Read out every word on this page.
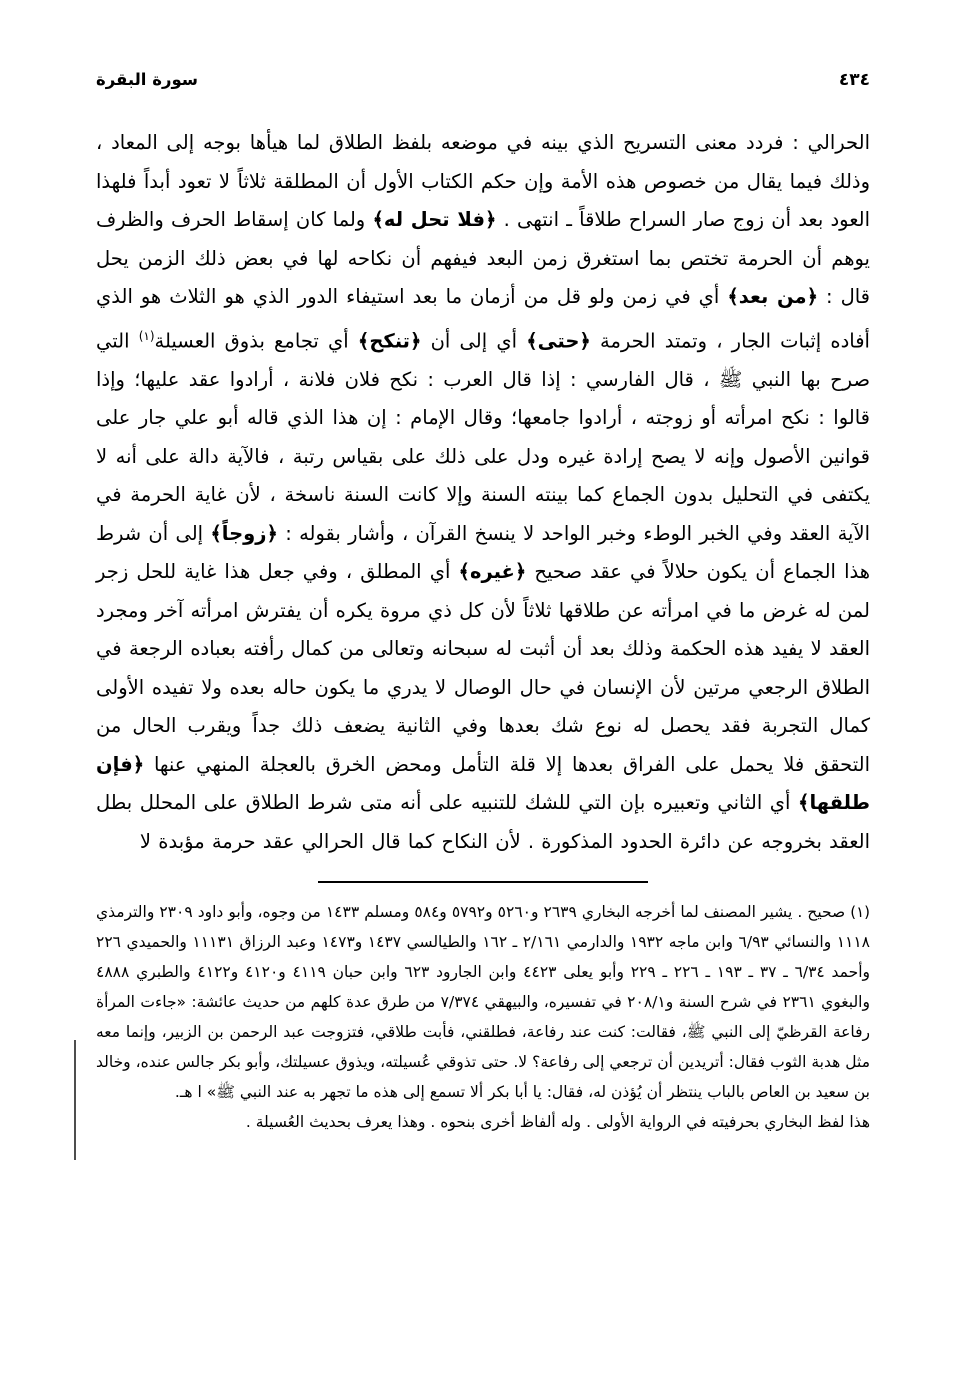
سورة البقرة	٤٣٤

الحرالي : فردد معنى التسريح الذي بينه في موضعه بلفظ الطلاق لما هيأها بوجه إلى المعاد ، وذلك فيما يقال من خصوص هذه الأمة وإن حكم الكتاب الأول أن المطلقة ثلاثاً لا تعود أبداً فلهذا العود بعد أن زوج صار السراح طلاقاً ـ انتهى . ﴿فلا تحل له﴾ ولما كان إسقاط الحرف والظرف يوهم أن الحرمة تختص بما استغرق زمن البعد فيفهم أن نكاحه لها في بعض ذلك الزمن يحل قال : ﴿من بعد﴾ أي في زمن ولو قل من أزمان ما بعد استيفاء الدور الذي هو الثلاث هو الذي أفاده إثبات الجار ، وتمتد الحرمة ﴿حتى﴾ أي إلى أن ﴿تنكح﴾ أي تجامع بذوق العسيلة$^{(١)}$ التي صرح بها النبي ﷺ ، قال الفارسي : إذا قال العرب : نكح فلان فلانة ، أرادوا عقد عليها؛ وإذا قالوا : نكح امرأته أو زوجته ، أرادوا جامعها؛ وقال الإمام : إن هذا الذي قاله أبو علي جار على قوانين الأصول وإنه لا يصح إرادة غيره ودل على ذلك على بقياس رتبة ، فالآية دالة على أنه لا يكتفى في التحليل بدون الجماع كما بينته السنة وإلا كانت السنة ناسخة ، لأن غاية الحرمة في الآية العقد وفي الخبر الوطء وخبر الواحد لا ينسخ القرآن ، وأشار بقوله : ﴿زوجاً﴾ إلى أن شرط هذا الجماع أن يكون حلالاً في عقد صحيح ﴿غيره﴾ أي المطلق ، وفي جعل هذا غاية للحل زجر لمن له غرض ما في امرأته عن طلاقها ثلاثاً لأن كل ذي مروة يكره أن يفترش امرأته آخر ومجرد العقد لا يفيد هذه الحكمة وذلك بعد أن أثبت له سبحانه وتعالى من كمال رأفته بعباده الرجعة في الطلاق الرجعي مرتين لأن الإنسان في حال الوصال لا يدري ما يكون حاله بعده ولا تفيده الأولى كمال التجربة فقد يحصل له نوع شك بعدها وفي الثانية يضعف ذلك جداً ويقرب الحال من التحقق فلا يحمل على الفراق بعدها إلا قلة التأمل ومحض الخرق بالعجلة المنهي عنها ﴿فإن طلقها﴾ أي الثاني وتعبيره بإن التي للشك للتنبيه على أنه متى شرط الطلاق على المحلل بطل العقد بخروجه عن دائرة الحدود المذكورة . لأن النكاح كما قال الحرالي عقد حرمة مؤبدة لا

(١) صحيح . يشير المصنف لما أخرجه البخاري ٢٦٣٩ و٥٢٦٠ و٥٧٩٢ و٥٨٤ ومسلم ١٤٣٣ من وجوه، وأبو داود ٢٣٠٩ والترمذي ١١١٨ والنسائي ٦/٩٣ وابن ماجه ١٩٣٢ والدارمي ٢/١٦١ ـ ١٦٢ والطيالسي ١٤٣٧ و١٤٧٣ وعبد الرزاق ١١١٣١ والحميدي ٢٢٦ وأحمد ٦/٣٤ ـ ٣٧ ـ ١٩٣ ـ ٢٢٦ ـ ٢٢٩ وأبو يعلى ٤٤٢٣ وابن الجارود ٦٢٣ وابن حبان ٤١١٩ و٤١٢٠ و٤١٢٢ والطبري ٤٨٨٨ والبغوي ٢٣٦١ في شرح السنة و٢٠٨/١ في تفسيره، والبيهقي ٧/٣٧٤ من طرق عدة كلهم من حديث عائشة: «جاءت المرأة رفاعة القرظيّ إلى النبي ﷺ، فقالت: كنت عند رفاعة، فطلقني، فأبت طلاقي، فتزوجت عبد الرحمن بن الزبير، وإنما معه مثل هدبة الثوب فقال: أتريدين أن ترجعي إلى رفاعة؟ لا. حتى تذوقي عُسيلته، ويذوق عسيلتك، وأبو بكر جالس عنده، وخالد بن سعيد بن العاص بالباب ينتظر أن يُؤذن له، فقال: يا أبا بكر ألا تسمع إلى هذه ما تجهر به عند النبي ﷺ» ا هـ.

هذا لفظ البخاري بحرفيته في الرواية الأولى . وله ألفاظ أخرى بنحوه . وهذا يعرف بحديث العُسيلة .
